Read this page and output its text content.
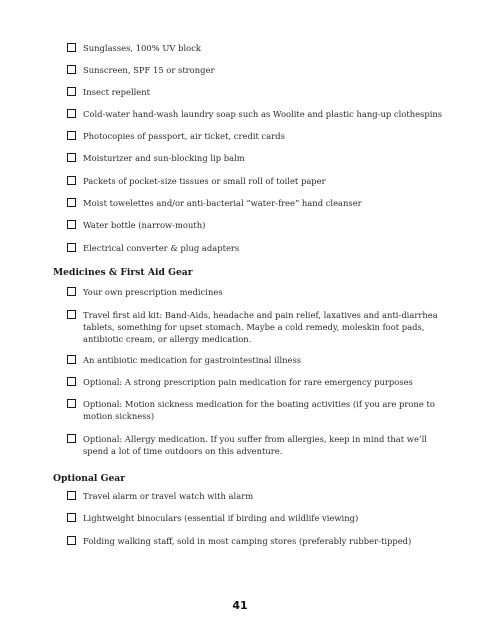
Sunglasses, 100% UV block
Sunscreen, SPF 15 or stronger
Insect repellent
Cold-water hand-wash laundry soap such as Woolite and plastic hang-up clothespins
Photocopies of passport, air ticket, credit cards
Moisturizer and sun-blocking lip balm
Packets of pocket-size tissues or small roll of toilet paper
Moist towelettes and/or anti-bacterial “water-free” hand cleanser
Water bottle (narrow-mouth)
Electrical converter & plug adapters
Medicines & First Aid Gear
Your own prescription medicines
Travel first aid kit: Band-Aids, headache and pain relief, laxatives and anti-diarrhea tablets, something for upset stomach. Maybe a cold remedy, moleskin foot pads, antibiotic cream, or allergy medication.
An antibiotic medication for gastrointestinal illness
Optional: A strong prescription pain medication for rare emergency purposes
Optional: Motion sickness medication for the boating activities (if you are prone to motion sickness)
Optional: Allergy medication. If you suffer from allergies, keep in mind that we’ll spend a lot of time outdoors on this adventure.
Optional Gear
Travel alarm or travel watch with alarm
Lightweight binoculars (essential if birding and wildlife viewing)
Folding walking staff, sold in most camping stores (preferably rubber-tipped)
41
